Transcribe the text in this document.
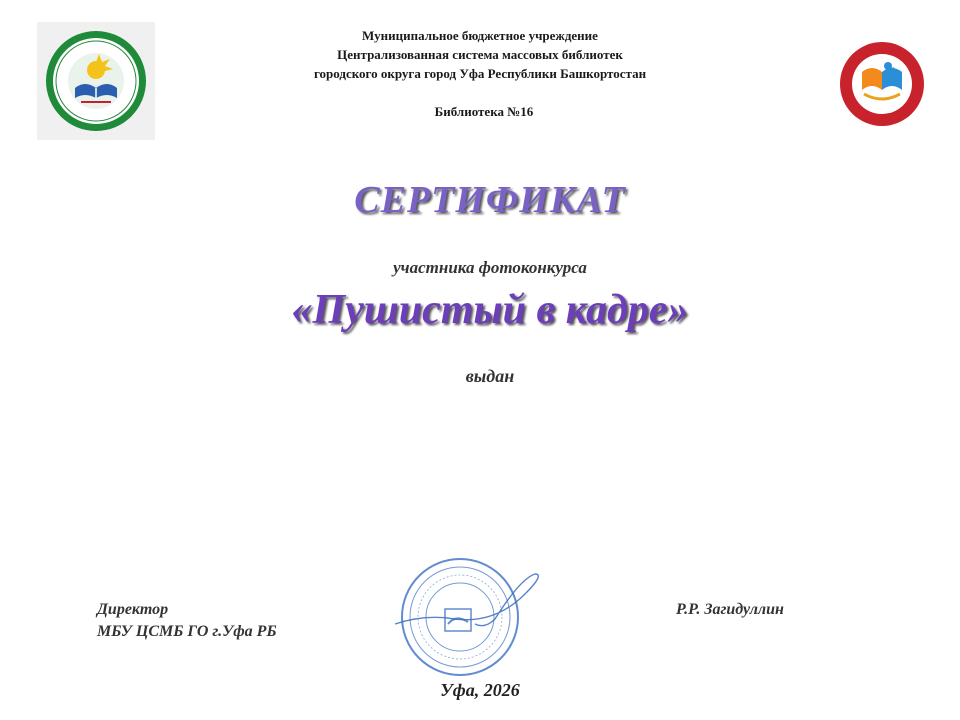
Муниципальное бюджетное учреждение
Централизованная система массовых библиотек
городского округа город Уфа Республики Башкортостан
Библиотека №16
СЕРТИФИКАТ
участника фотоконкурса
«Пушистый в кадре»
выдан
Директор
МБУ ЦСМБ ГО г.Уфа РБ
Р.Р. Загидуллин
Уфа, 2026
